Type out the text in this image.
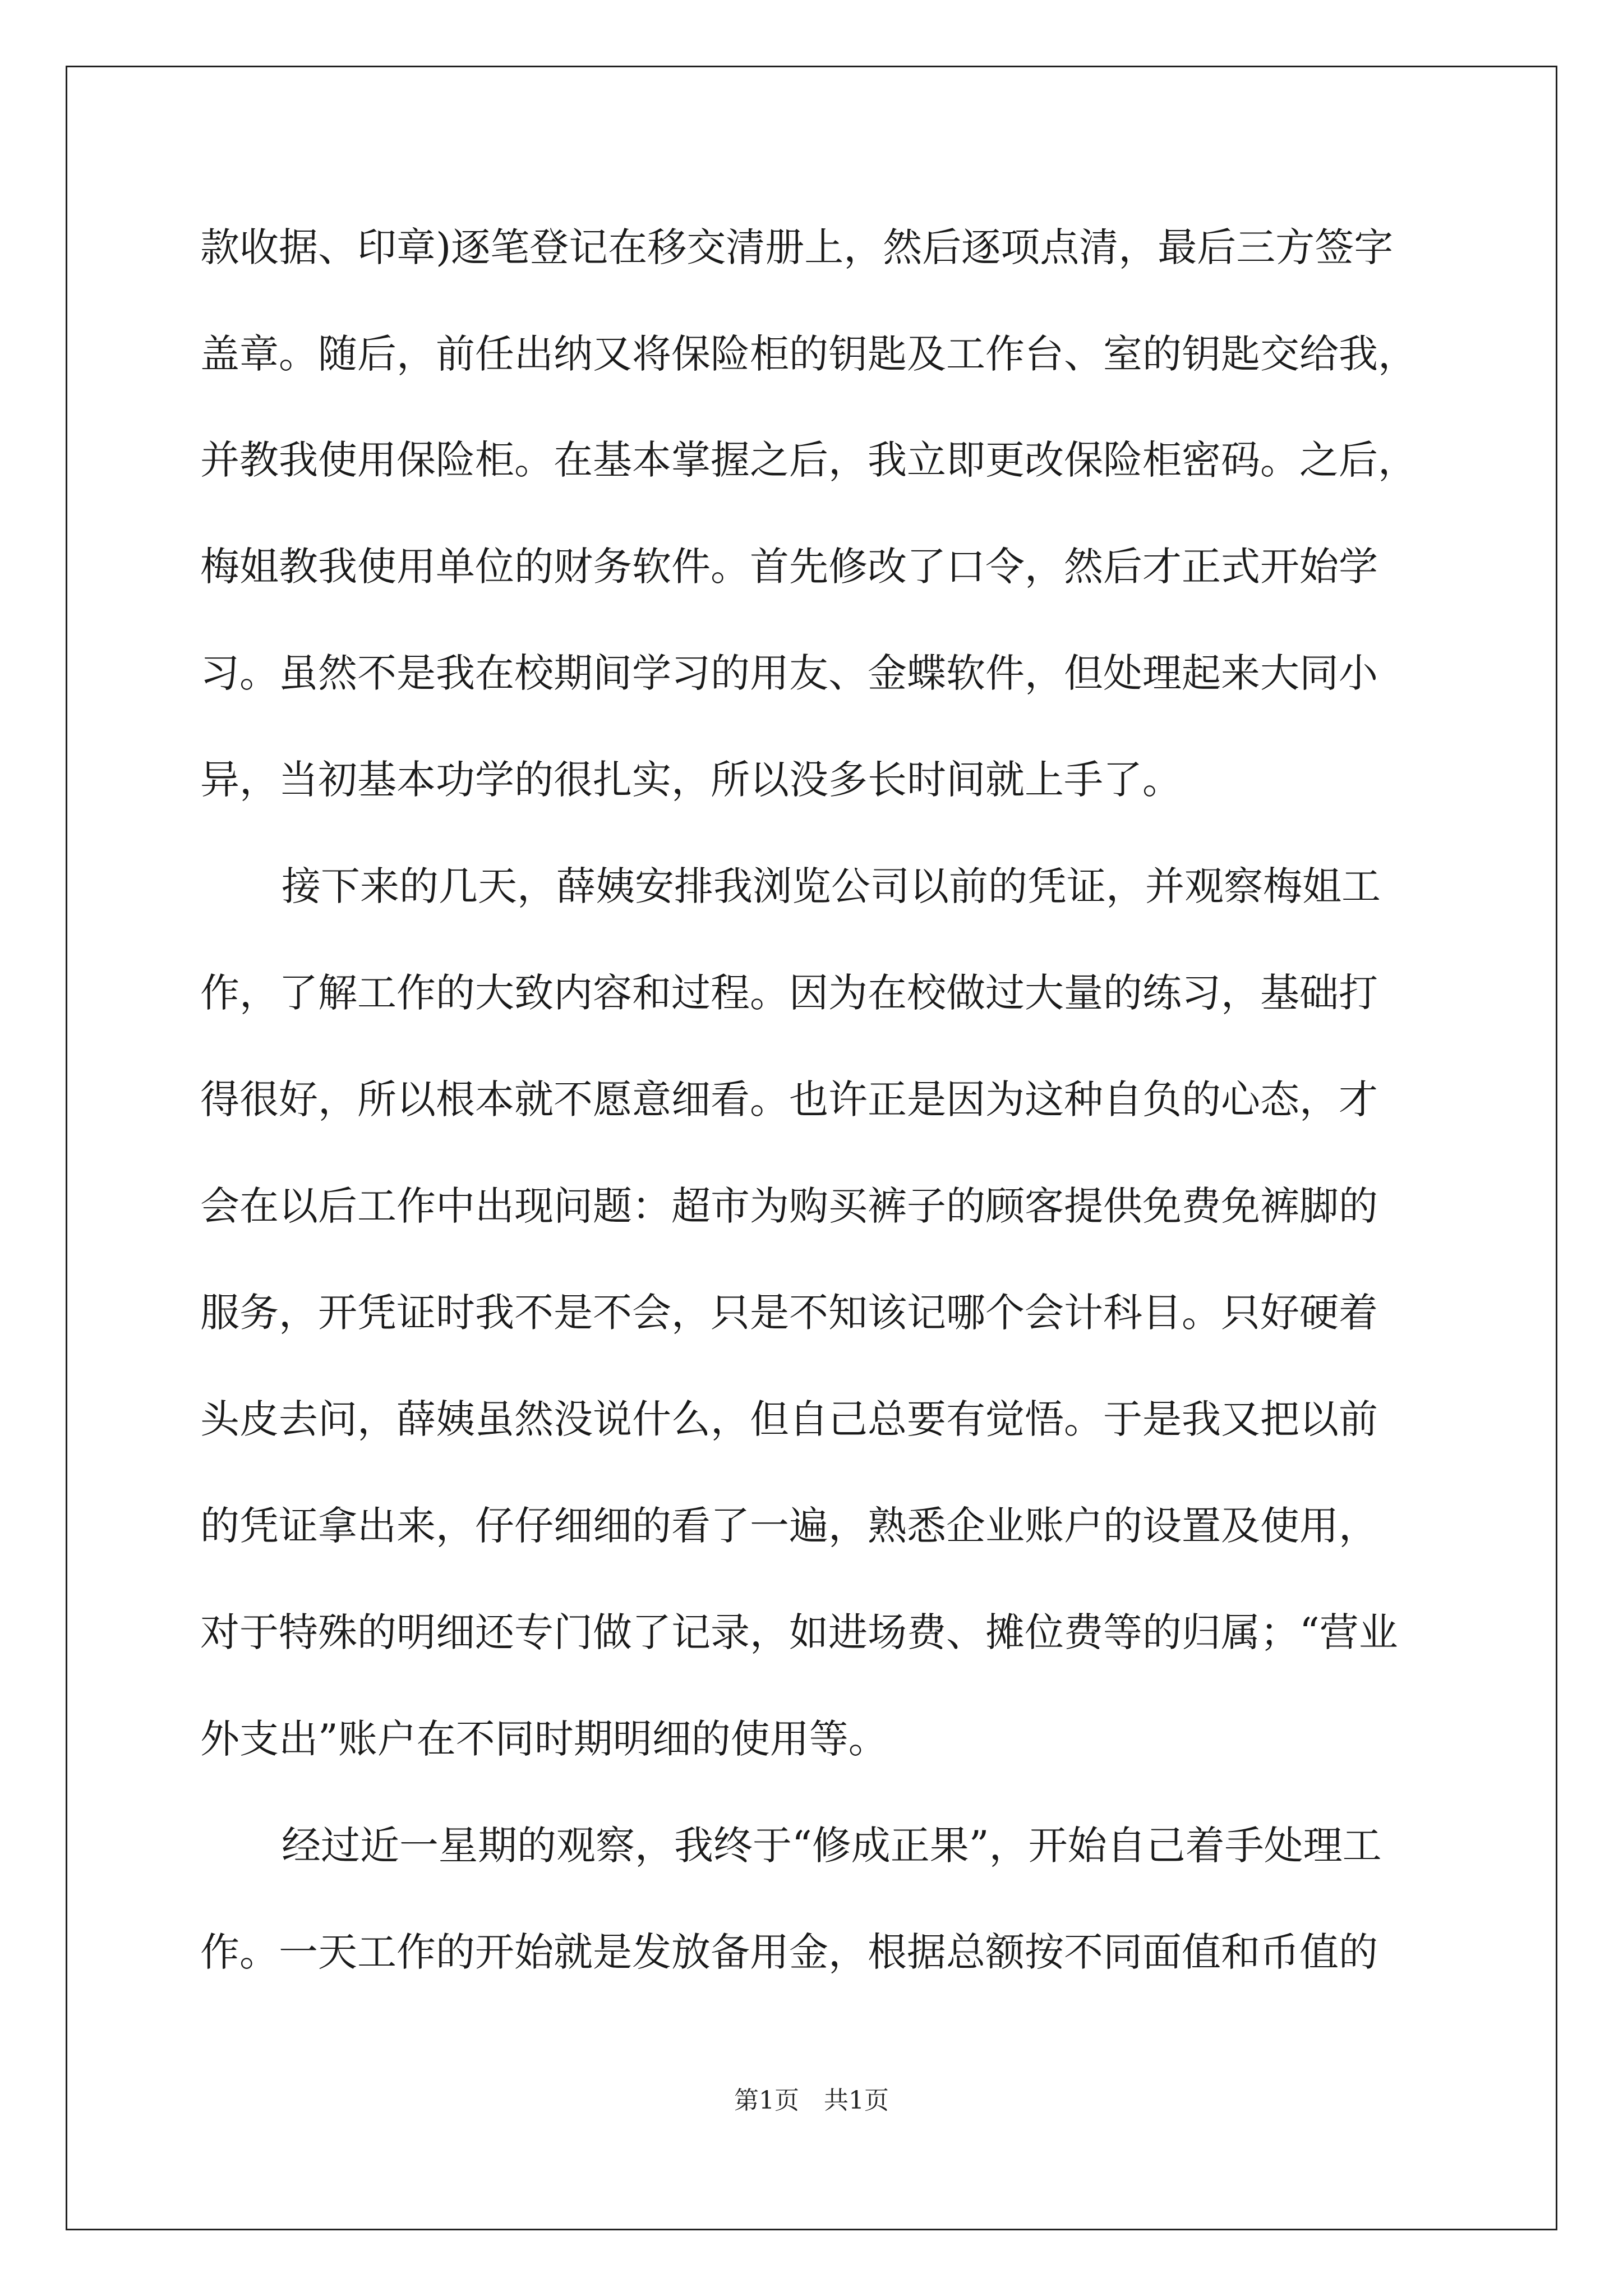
款收据、印章)逐笔登记在移交清册上，然后逐项点清，最后三方签字
盖章。随后，前任出纳又将保险柜的钥匙及工作台、室的钥匙交给我，
并教我使用保险柜。在基本掌握之后，我立即更改保险柜密码。之后，
梅姐教我使用单位的财务软件。首先修改了口令，然后才正式开始学
习。虽然不是我在校期间学习的用友、金蝶软件，但处理起来大同小
异，当初基本功学的很扎实，所以没多长时间就上手了。
接下来的几天，薛姨安排我浏览公司以前的凭证，并观察梅姐工
作，了解工作的大致内容和过程。因为在校做过大量的练习，基础打
得很好，所以根本就不愿意细看。也许正是因为这种自负的心态，才
会在以后工作中出现问题：超市为购买裤子的顾客提供免费免裤脚的
服务，开凭证时我不是不会，只是不知该记哪个会计科目。只好硬着
头皮去问，薛姨虽然没说什么，但自己总要有觉悟。于是我又把以前
的凭证拿出来，仔仔细细的看了一遍，熟悉企业账户的设置及使用，
对于特殊的明细还专门做了记录，如进场费、摊位费等的归属；“营业
外支出”账户在不同时期明细的使用等。
经过近一星期的观察，我终于“修成正果”，开始自己着手处理工
作。一天工作的开始就是发放备用金，根据总额按不同面值和币值的
第1页　共1页
